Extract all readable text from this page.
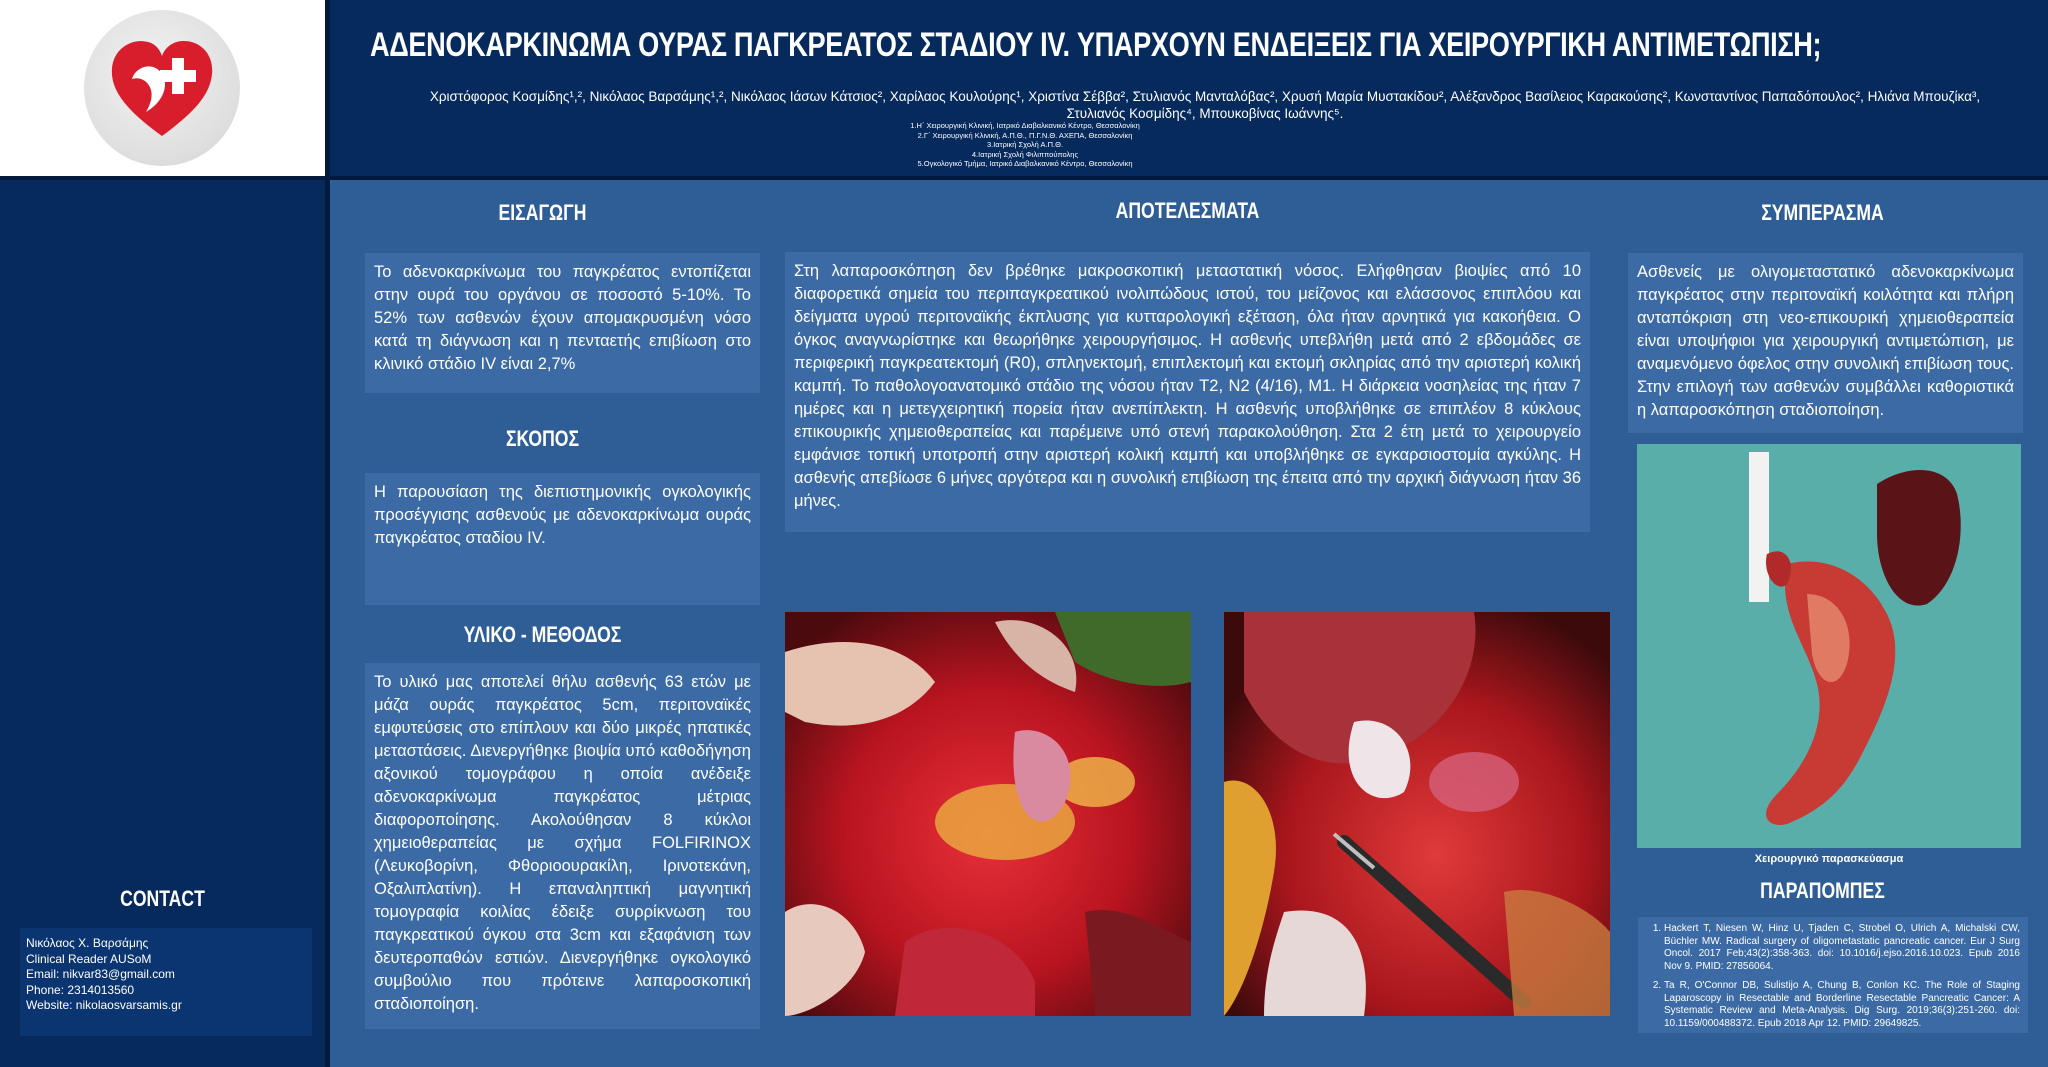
ΑΔΕΝΟΚΑΡΚΙΝΩΜΑ ΟΥΡΑΣ ΠΑΓΚΡΕΑΤΟΣ ΣΤΑΔΙΟΥ IV. ΥΠΑΡΧΟΥΝ ΕΝΔΕΙΞΕΙΣ ΓΙΑ ΧΕΙΡΟΥΡΓΙΚΗ ΑΝΤΙΜΕΤΩΠΙΣΗ;
Χριστόφορος Κοσμίδης¹,², Νικόλαος Βαρσάμης¹,², Νικόλαος Ιάσων Κάτσιος², Χαρίλαος Κουλούρης¹, Χριστίνα Σέββα², Στυλιανός Μανταλόβας², Χρυσή Μαρία Μυστακίδου², Αλέξανδρος Βασίλειος Καρακούσης², Κωνσταντίνος Παπαδόπουλος², Ηλιάνα Μπουζίκα³,
Στυλιανός Κοσμίδης⁴, Μπουκοβίνας Ιωάννης⁵.
1.Η΄ Χειρουργική Κλινική, Ιατρικό Διαβαλκανικό Κέντρο, Θεσσαλονίκη
2.Γ΄ Χειρουργική Κλινική, Α.Π.Θ., Π.Γ.Ν.Θ. ΑΧΕΠΑ, Θεσσαλονίκη
3.Ιατρική Σχολή Α.Π.Θ.
4.Ιατρική Σχολή Φιλιππούπολης
5.Ογκολογικό Τμήμα, Ιατρικό Διαβαλκανικό Κέντρο, Θεσσαλονίκη
ΕΙΣΑΓΩΓΗ
Το αδενοκαρκίνωμα του παγκρέατος εντοπίζεται στην ουρά του οργάνου σε ποσοστό 5-10%. Το 52% των ασθενών έχουν απομακρυσμένη νόσο κατά τη διάγνωση και η πενταετής επιβίωση στο κλινικό στάδιο IV είναι 2,7%
ΣΚΟΠΟΣ
Η παρουσίαση της διεπιστημονικής ογκολογικής προσέγγισης ασθενούς με αδενοκαρκίνωμα ουράς παγκρέατος σταδίου IV.
ΥΛΙΚΟ - ΜΕΘΟΔΟΣ
Το υλικό μας αποτελεί θήλυ ασθενής 63 ετών με μάζα ουράς παγκρέατος 5cm, περιτοναϊκές εμφυτεύσεις στο επίπλουν και δύο μικρές ηπατικές μεταστάσεις. Διενεργήθηκε βιοψία υπό καθοδήγηση αξονικού τομογράφου η οποία ανέδειξε αδενοκαρκίνωμα παγκρέατος μέτριας διαφοροποίησης. Ακολούθησαν 8 κύκλοι χημειοθεραπείας με σχήμα FOLFIRINOX (Λευκοβορίνη, Φθοριοουρακίλη, Ιρινοτεκάνη, Οξαλιπλατίνη). Η επαναληπτική μαγνητική τομογραφία κοιλίας έδειξε συρρίκνωση του παγκρεατικού όγκου στα 3cm και εξαφάνιση των δευτεροπαθών εστιών. Διενεργήθηκε ογκολογικό συμβούλιο που πρότεινε λαπαροσκοπική σταδιοποίηση.
ΑΠΟΤΕΛΕΣΜΑΤΑ
Στη λαπαροσκόπηση δεν βρέθηκε μακροσκοπική μεταστατική νόσος. Ελήφθησαν βιοψίες από 10 διαφορετικά σημεία του περιπαγκρεατικού ινολιπώδους ιστού, του μείζονος και ελάσσονος επιπλόου και δείγματα υγρού περιτοναϊκής έκπλυσης για κυτταρολογική εξέταση, όλα ήταν αρνητικά για κακοήθεια. Ο όγκος αναγνωρίστηκε και θεωρήθηκε χειρουργήσιμος. Η ασθενής υπεβλήθη μετά από 2 εβδομάδες σε περιφερική παγκρεατεκτομή (R0), σπληνεκτομή, επιπλεκτομή και εκτομή σκληρίας από την αριστερή κολική καμπή. Το παθολογοανατομικό στάδιο της νόσου ήταν T2, N2 (4/16), M1. Η διάρκεια νοσηλείας της ήταν 7 ημέρες και η μετεγχειρητική πορεία ήταν ανεπίπλεκτη. Η ασθενής υποβλήθηκε σε επιπλέον 8 κύκλους επικουρικής χημειοθεραπείας και παρέμεινε υπό στενή παρακολούθηση. Στα 2 έτη μετά το χειρουργείο εμφάνισε τοπική υποτροπή στην αριστερή κολική καμπή και υποβλήθηκε σε εγκαρσιοστομία αγκύλης. Η ασθενής απεβίωσε 6 μήνες αργότερα και η συνολική επιβίωση της έπειτα από την αρχική διάγνωση ήταν 36 μήνες.
ΣΥΜΠΕΡΑΣΜΑ
Ασθενείς με ολιγομεταστατικό αδενοκαρκίνωμα παγκρέατος στην περιτοναϊκή κοιλότητα και πλήρη ανταπόκριση στη νεο-επικουρική χημειοθεραπεία είναι υποψήφιοι για χειρουργική αντιμετώπιση, με αναμενόμενο όφελος στην συνολική επιβίωση τους. Στην επιλογή των ασθενών συμβάλλει καθοριστικά η λαπαροσκόπηση σταδιοποίηση.
Χειρουργικό παρασκεύασμα
ΠΑΡΑΠΟΜΠΕΣ
1. Hackert T, Niesen W, Hinz U, Tjaden C, Strobel O, Ulrich A, Michalski CW, Büchler MW. Radical surgery of oligometastatic pancreatic cancer. Eur J Surg Oncol. 2017 Feb;43(2):358-363. doi: 10.1016/j.ejso.2016.10.023. Epub 2016 Nov 9. PMID: 27856064.
2. Ta R, O'Connor DB, Sulistijo A, Chung B, Conlon KC. The Role of Staging Laparoscopy in Resectable and Borderline Resectable Pancreatic Cancer: A Systematic Review and Meta-Analysis. Dig Surg. 2019;36(3):251-260. doi: 10.1159/000488372. Epub 2018 Apr 12. PMID: 29649825.
CONTACT
Νικόλαος Χ. Βαρσάμης
Clinical Reader AUSoM
Email: nikvar83@gmail.com
Phone: 2314013560
Website: nikolaosvarsamis.gr
